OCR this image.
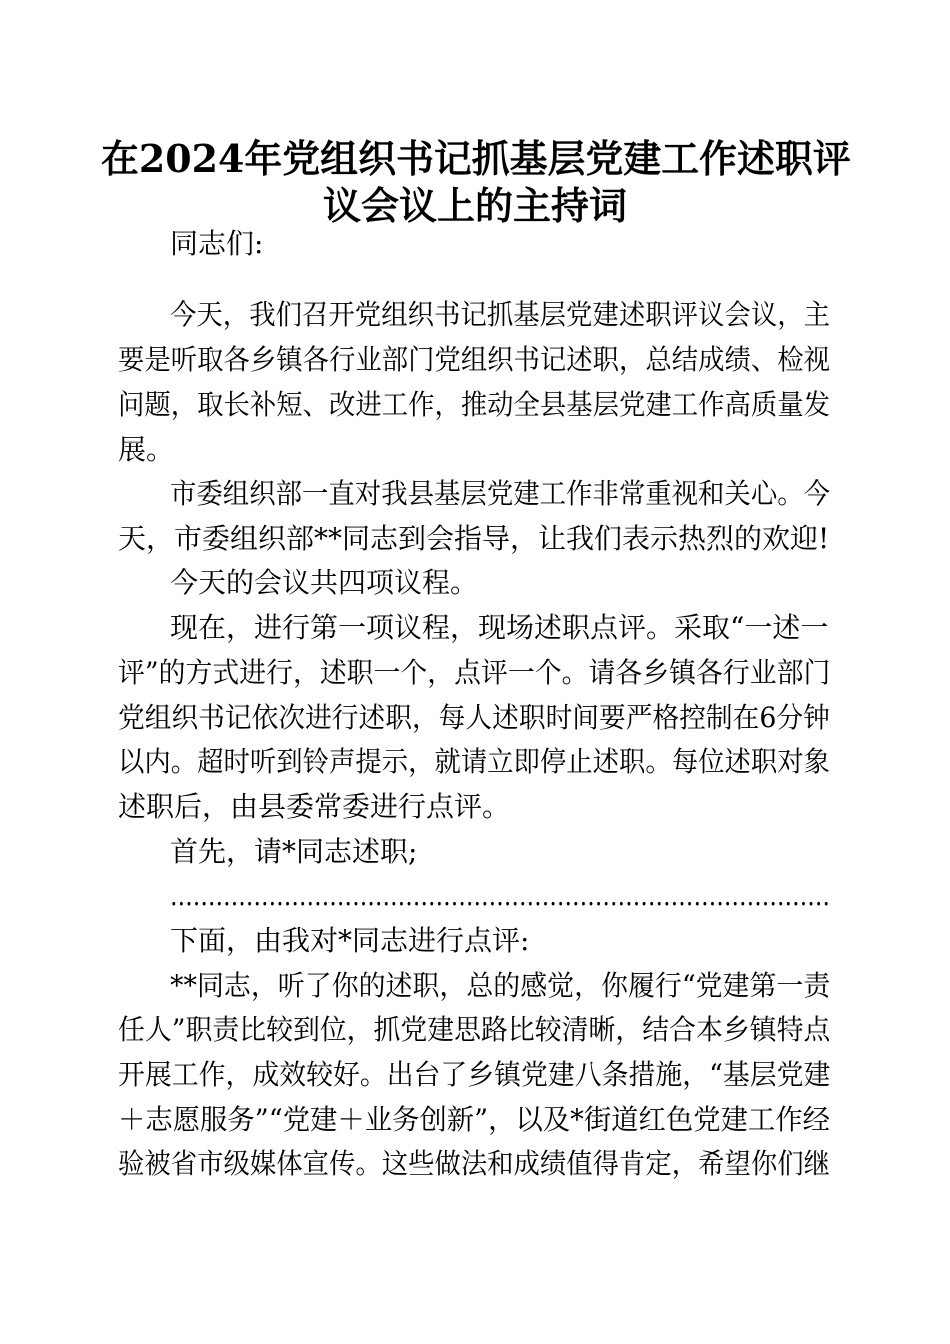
在2024年党组织书记抓基层党建工作述职评
议会议上的主持词

同志们:

今天，我们召开党组织书记抓基层党建述职评议会议，主

要是听取各乡镇各行业部门党组织书记述职，总结成绩、检视

问题，取长补短、改进工作，推动全县基层党建工作高质量发

展。

市委组织部一直对我县基层党建工作非常重视和关心。今

天，市委组织部**同志到会指导，让我们表示热烈的欢迎!

今天的会议共四项议程。

现在，进行第一项议程，现场述职点评。采取“一述一

评”的方式进行，述职一个，点评一个。请各乡镇各行业部门

党组织书记依次进行述职，每人述职时间要严格控制在6分钟

以内。超时听到铃声提示，就请立即停止述职。每位述职对象

述职后，由县委常委进行点评。

首先，请*同志述职;

……………………………………………………………………………

下面，由我对*同志进行点评:

**同志，听了你的述职，总的感觉，你履行“党建第一责

任人”职责比较到位，抓党建思路比较清晰，结合本乡镇特点

开展工作，成效较好。出台了乡镇党建八条措施，“基层党建

＋志愿服务”“党建＋业务创新”，以及*街道红色党建工作经

验被省市级媒体宣传。这些做法和成绩值得肯定，希望你们继
